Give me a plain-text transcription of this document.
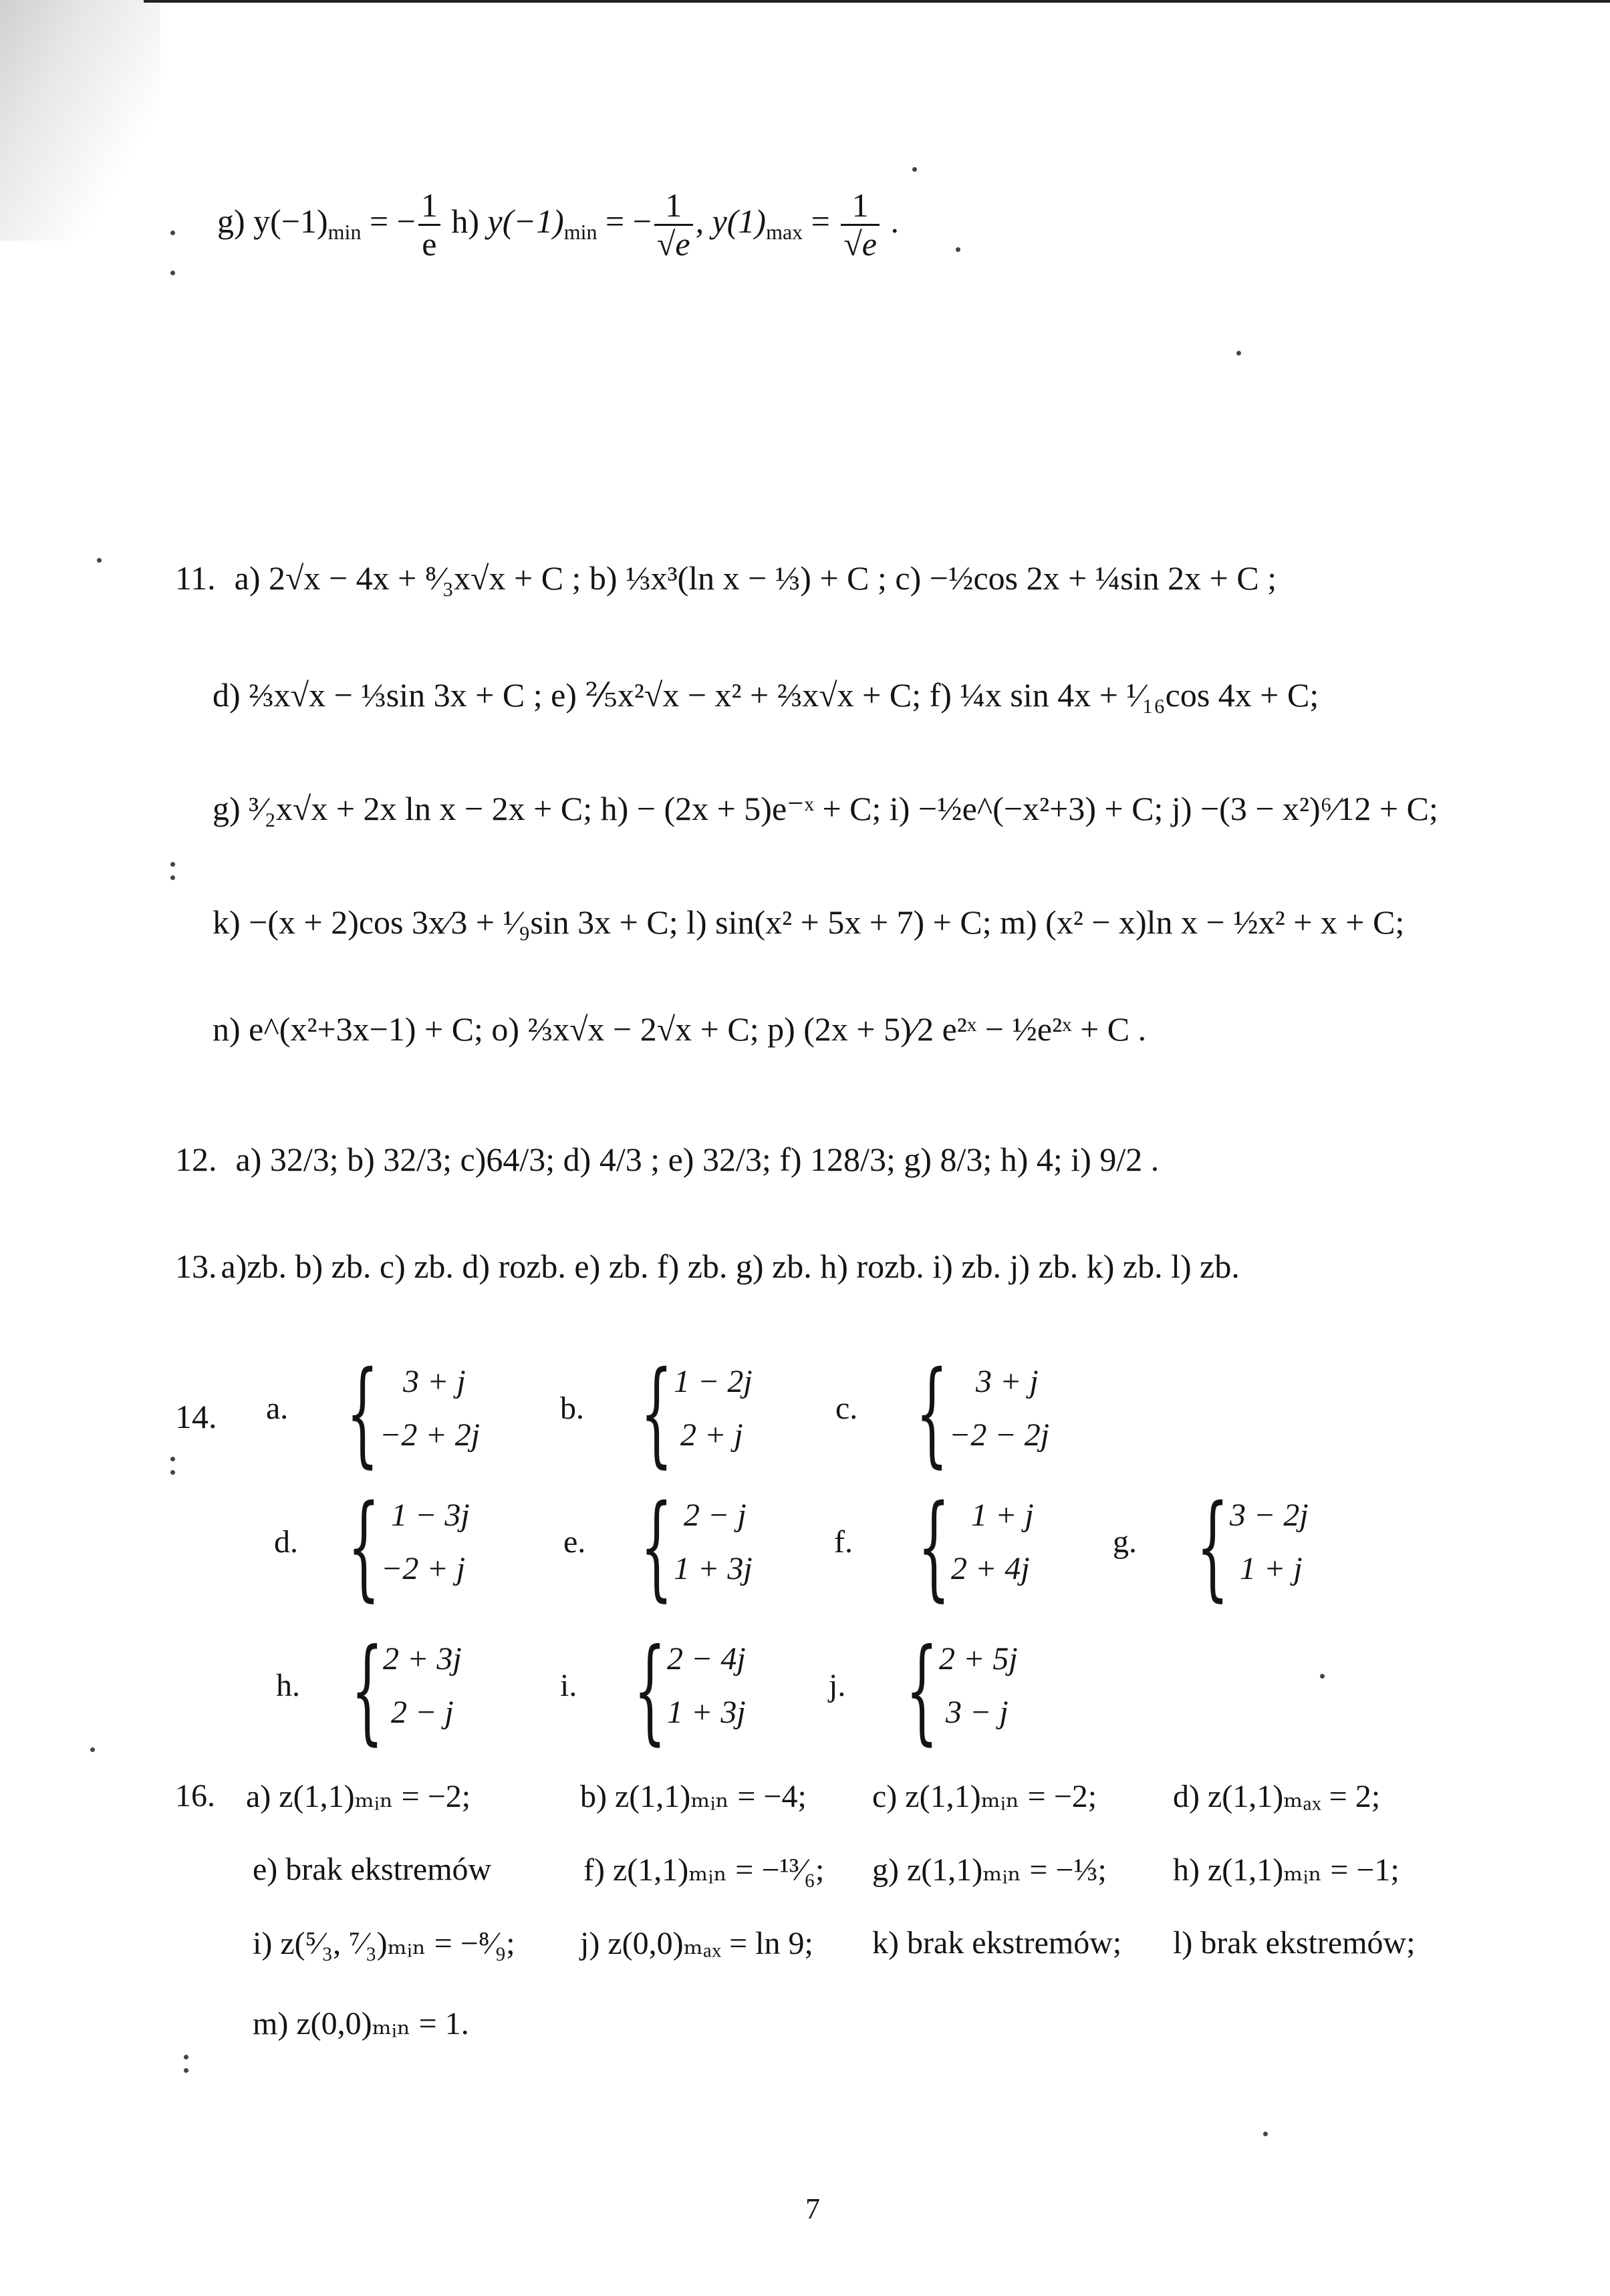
g) $y(-1)_{min}$ = − $\frac{1}{e} h$) $y(-1)_{min}$ = − $\frac{1}{√e}$ , $y(1)_{max} = \frac{1}{√e}$ .
11. a) 2√x − 4x + ⁸⁄₃x√x + C ; b) ⅓x³(ln x − ⅓) + C ; c) −½cos 2x + ¼sin 2x + C ;
d) ⅔x√x − ⅓sin 3x + C ; e) ⅖x²√x − x² + ⅔x√x + C; f) ¼x sin 4x + ¹⁄₁₆cos 4x + C;
g) ³⁄₂x√x + 2x ln x − 2x + C; h) − (2x + 5)e⁻ˣ + C; i) −½e^(−x²+3) + C; j) −(3 − x²)⁶⁄12 + C;
k) −(x + 2)cos 3x⁄3 + ¹⁄₉sin 3x + C; l) sin(x² + 5x + 7) + C; m) (x² − x)ln x − ½x² + x + C;
n) e^(x²+3x−1) + C; o) ⅔x√x − 2√x + C; p) (2x + 5)⁄2 e²ˣ − ½e²ˣ + C .
12. a) 32/3; b) 32/3; c)64/3; d) 4/3 ; e) 32/3; f) 128/3; g) 8/3; h) 4; i) 9/2 .
13. a)zb. b) zb. c) zb. d) rozb. e) zb. f) zb. g) zb. h) rozb. i) zb. j) zb. k) zb. l) zb.
14. a. { 3 + j
−2 + 2j
b. { 1 − 2j
2 + j
c. { 3 + j
−2 − 2j
d. { 1 − 3j
−2 + j
e. { 2 − j
1 + 3j
f. { 1 + j
2 + 4j
g. { 3 − 2j
1 + j
h. { 2 + 3j
2 − j
i. { 2 − 4j
1 + 3j
j. { 2 + 5j
3 − j
16. a) z(1,1)ₘᵢₙ = −2;	b) z(1,1)ₘᵢₙ = −4; c) z(1,1)ₘᵢₙ = −2; d) z(1,1)ₘₐₓ = 2;
e) brak ekstremów	f) z(1,1)ₘᵢₙ = −¹³⁄₆; g) z(1,1)ₘᵢₙ = −⅓; h) z(1,1)ₘᵢₙ = −1;
i) z(⁵⁄₃, ⁷⁄₃)ₘᵢₙ = −⁸⁄₉; j) z(0,0)ₘₐₓ = ln 9; k) brak ekstremów; l) brak ekstremów;
m) z(0,0)ₘᵢₙ = 1.
7
